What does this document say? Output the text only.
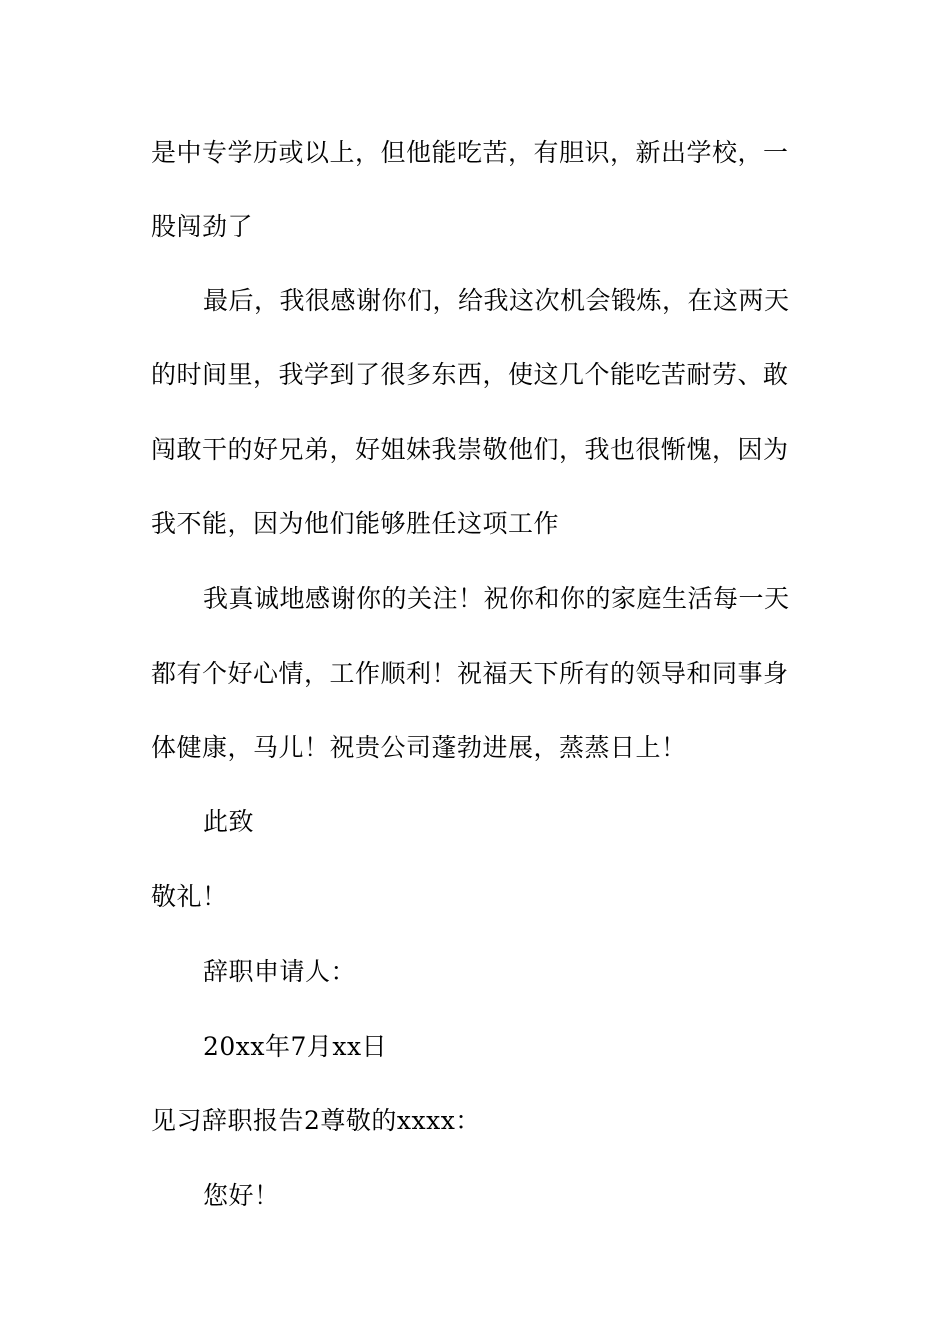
是中专学历或以上，但他能吃苦，有胆识，新出学校，一
股闯劲了
最后，我很感谢你们，给我这次机会锻炼，在这两天
的时间里，我学到了很多东西，使这几个能吃苦耐劳、敢
闯敢干的好兄弟，好姐妹我崇敬他们，我也很惭愧，因为
我不能，因为他们能够胜任这项工作
我真诚地感谢你的关注！祝你和你的家庭生活每一天
都有个好心情，工作顺利！祝福天下所有的领导和同事身
体健康，马儿！祝贵公司蓬勃进展，蒸蒸日上！
此致
敬礼！
辞职申请人：
20xx年7月xx日
见习辞职报告2尊敬的xxxx：
您好！
